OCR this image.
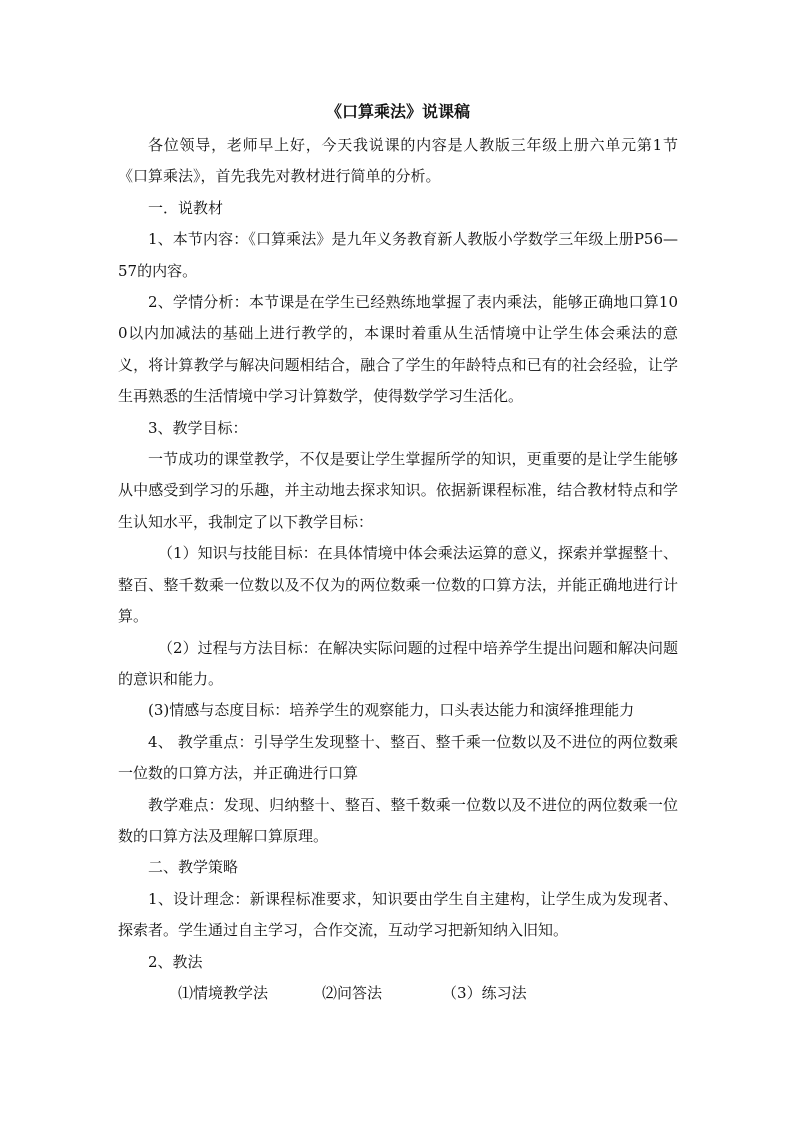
《口算乘法》说课稿

各位领导，老师早上好，今天我说课的内容是人教版三年级上册六单元第1节《口算乘法》，首先我先对教材进行简单的分析。

一．说教材

1、本节内容：《口算乘法》是九年义务教育新人教版小学数学三年级上册P56—57的内容。

2、学情分析：本节课是在学生已经熟练地掌握了表内乘法，能够正确地口算100以内加减法的基础上进行教学的，本课时着重从生活情境中让学生体会乘法的意义，将计算教学与解决问题相结合，融合了学生的年龄特点和已有的社会经验，让学生再熟悉的生活情境中学习计算数学，使得数学学习生活化。

3、教学目标：

一节成功的课堂教学，不仅是要让学生掌握所学的知识，更重要的是让学生能够从中感受到学习的乐趣，并主动地去探求知识。依据新课程标准，结合教材特点和学生认知水平，我制定了以下教学目标：

（1）知识与技能目标：在具体情境中体会乘法运算的意义，探索并掌握整十、整百、整千数乘一位数以及不仅为的两位数乘一位数的口算方法，并能正确地进行计算。

（2）过程与方法目标：在解决实际问题的过程中培养学生提出问题和解决问题的意识和能力。

(3)情感与态度目标：培养学生的观察能力，口头表达能力和演绎推理能力

4、 教学重点：引导学生发现整十、整百、整千乘一位数以及不进位的两位数乘一位数的口算方法，并正确进行口算

教学难点：发现、归纳整十、整百、整千数乘一位数以及不进位的两位数乘一位数的口算方法及理解口算原理。

二、教学策略

1、设计理念：新课程标准要求，知识要由学生自主建构，让学生成为发现者、探索者。学生通过自主学习，合作交流，互动学习把新知纳入旧知。

2、教法

⑴情境教学法	⑵问答法	（3）练习法
